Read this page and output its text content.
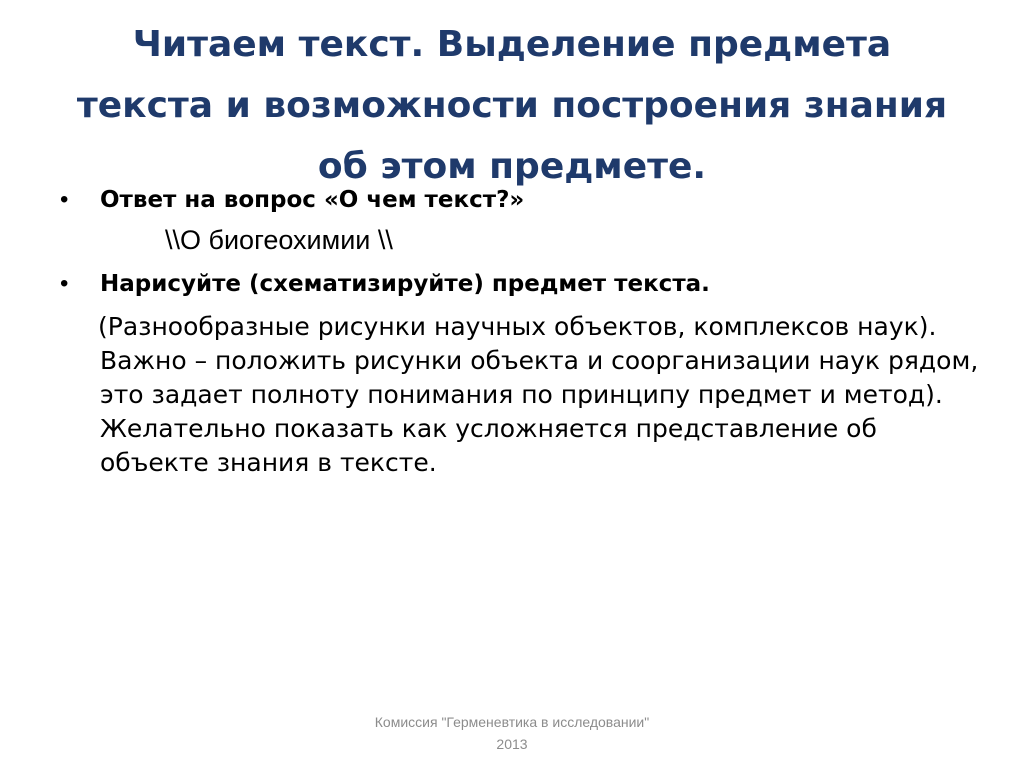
Читаем текст. Выделение предмета текста и возможности построения знания об этом предмете.
• Ответ на вопрос «О чем текст?»
\\О биогеохимии \\
• Нарисуйте (схематизируйте) предмет текста.
(Разнообразные рисунки научных объектов, комплексов наук). Важно – положить рисунки объекта и соорганизации наук рядом, это задает полноту понимания по принципу предмет и метод). Желательно показать как усложняется представление об объекте знания в тексте.
Комиссия "Герменевтика в исследовании" 2013
